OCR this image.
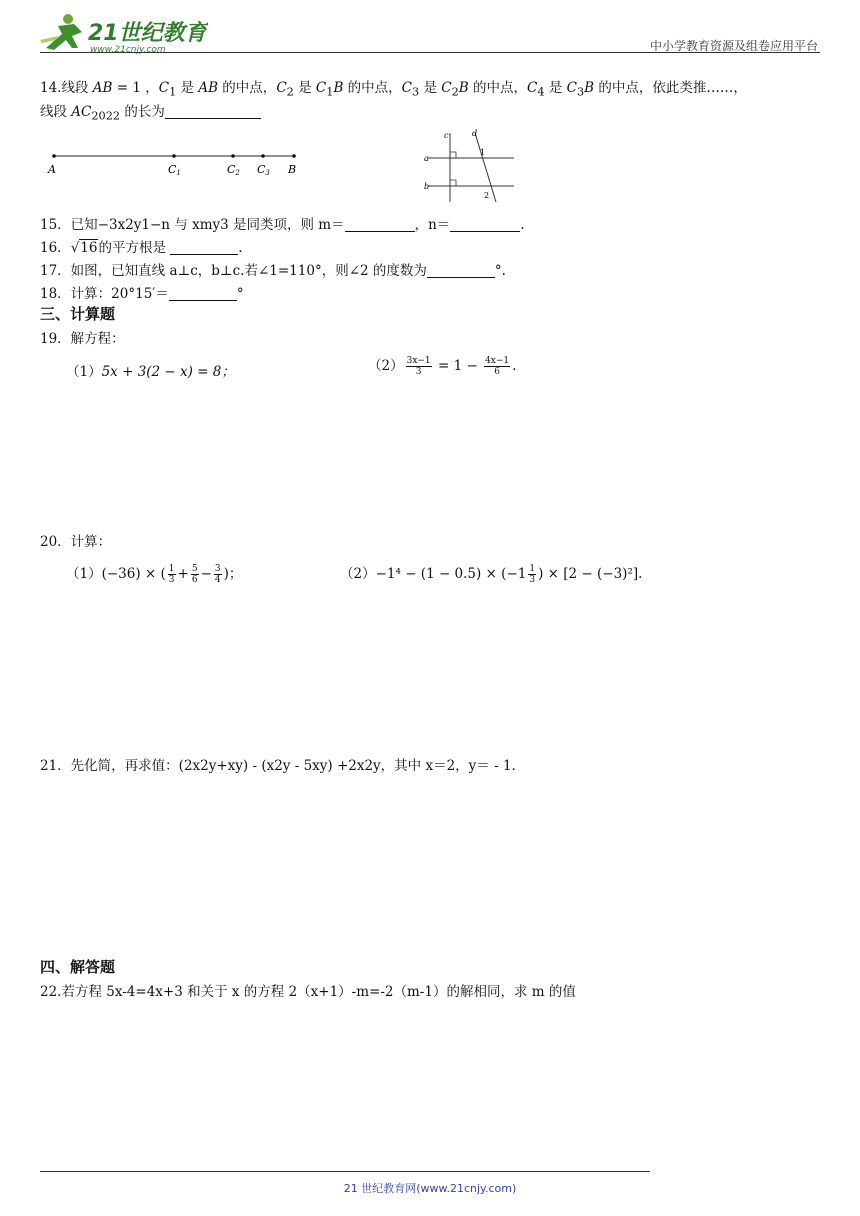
21世纪教育
www.21cnjy.com	中小学教育资源及组卷应用平台
14.线段 AB = 1 ，$C_1$ 是 AB 的中点，$C_2$ 是 $C_1B$ 的中点，$C_3$ 是 $C_2B$ 的中点，$C_4$ 是 $C_3B$ 的中点，依此类推……，
线段 $AC_{2022}$ 的长为
A	C1	C2 C3 B
c	d
a
b
1
2
15．已知−3x2y1−n 与 xmy3 是同类项，则 m＝	，n＝	.
16．√16的平方根是	.
17．如图，已知直线 a⊥c，b⊥c.若∠1=110°，则∠2 的度数为	°.
18．计算：20°15′＝	°
三、计算题
19．解方程：
（1）5x + 3(2 − x) = 8；	$(2) \frac{3x-1}{3} = 1 - \frac{4x-1}{6}$ .
20．计算：
（1）(−36) × ( $\frac{1}{3} + \frac{5}{6} - \frac{3}{4}$ )；	$(2)-1^4 - (1 - 0.5) \times (-1 \frac{1}{3}$ ) × [2 − (−3)²].
21．先化简，再求值：(2x2y+xy) ‐ (x2y ‐ 5xy) +2x2y，其中 x＝2，y＝ ‐ 1.
四、解答题
22.若方程 5x-4=4x+3 和关于 x 的方程 2（x+1）-m=-2（m-1）的解相同，求 m 的值
21 世纪教育网(www.21cnjy.com)
